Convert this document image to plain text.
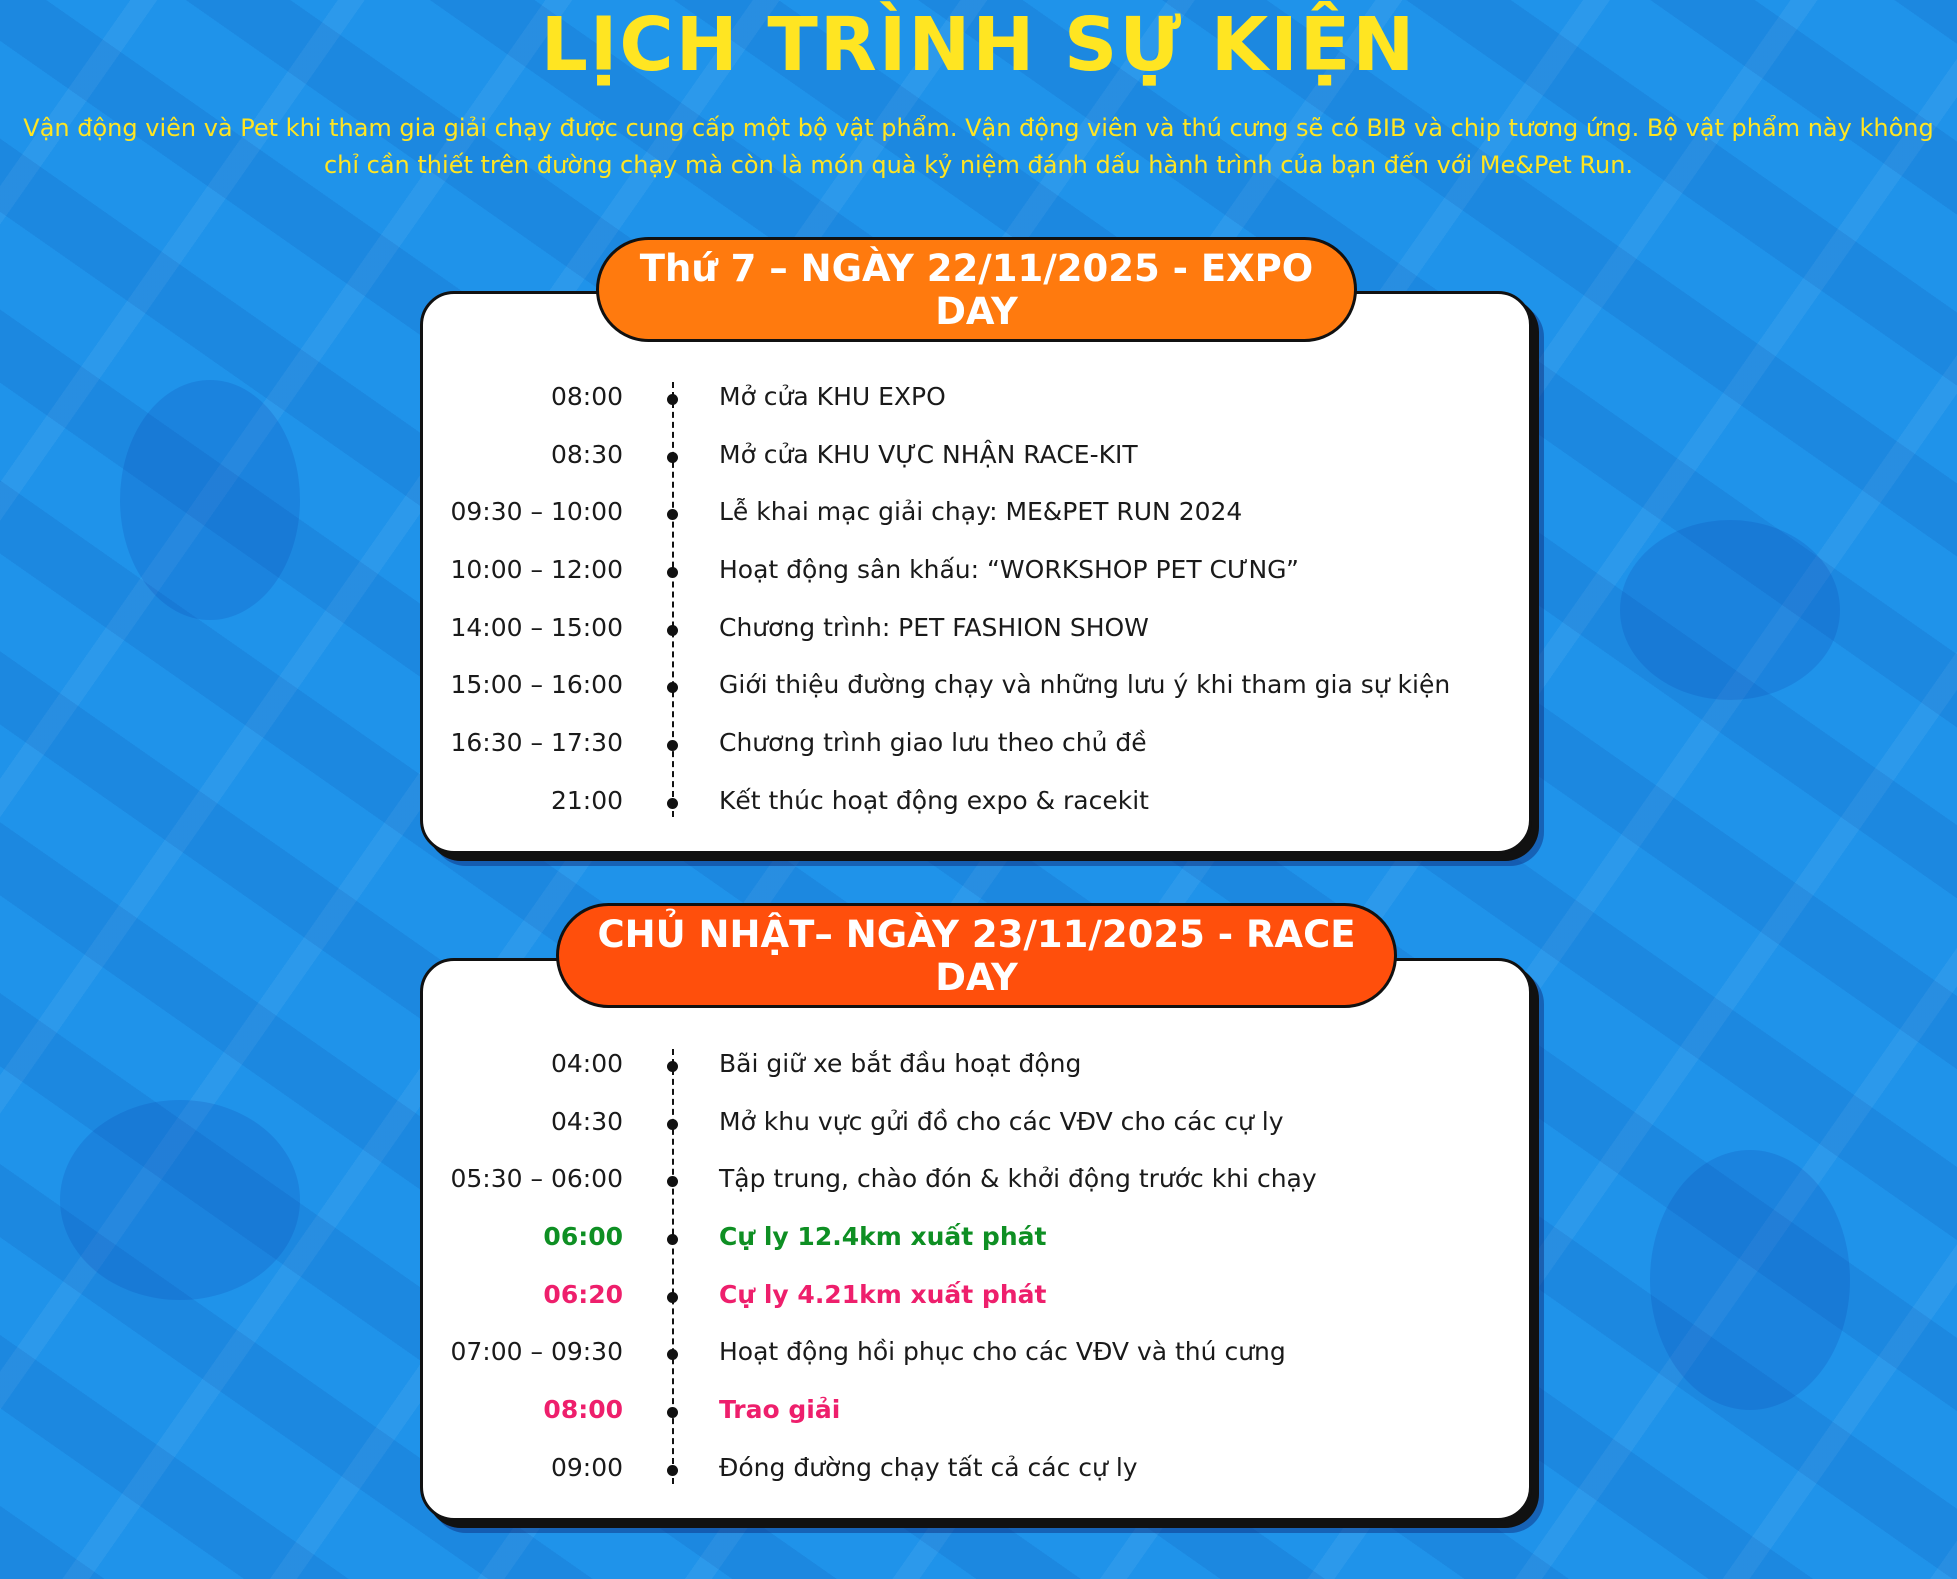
LỊCH TRÌNH SỰ KIỆN

Vận động viên và Pet khi tham gia giải chạy được cung cấp một bộ vật phẩm. Vận động viên và thú cưng sẽ có BIB và chip tương ứng. Bộ vật phẩm này không chỉ cần thiết trên đường chạy mà còn là món quà kỷ niệm đánh dấu hành trình của bạn đến với Me&Pet Run.

08:00	Mở cửa KHU EXPO
08:30	Mở cửa KHU VỰC NHẬN RACE-KIT
09:30 – 10:00	Lễ khai mạc giải chạy: ME&PET RUN 2024
10:00 – 12:00	Hoạt động sân khấu: “WORKSHOP PET CƯNG”
14:00 – 15:00	Chương trình: PET FASHION SHOW
15:00 – 16:00	Giới thiệu đường chạy và những lưu ý khi tham gia sự kiện
16:30 – 17:30	Chương trình giao lưu theo chủ đề
21:00	Kết thúc hoạt động expo & racekit
Thứ 7 – NGÀY 22/11/2025 - EXPO DAY
04:00	Bãi giữ xe bắt đầu hoạt động
04:30	Mở khu vực gửi đồ cho các VĐV cho các cự ly
05:30 – 06:00	Tập trung, chào đón & khởi động trước khi chạy
06:00	Cự ly 12.4km xuất phát
06:20	Cự ly 4.21km xuất phát
07:00 – 09:30	Hoạt động hồi phục cho các VĐV và thú cưng
08:00	Trao giải
09:00	Đóng đường chạy tất cả các cự ly
CHỦ NHẬT– NGÀY 23/11/2025 - RACE DAY
